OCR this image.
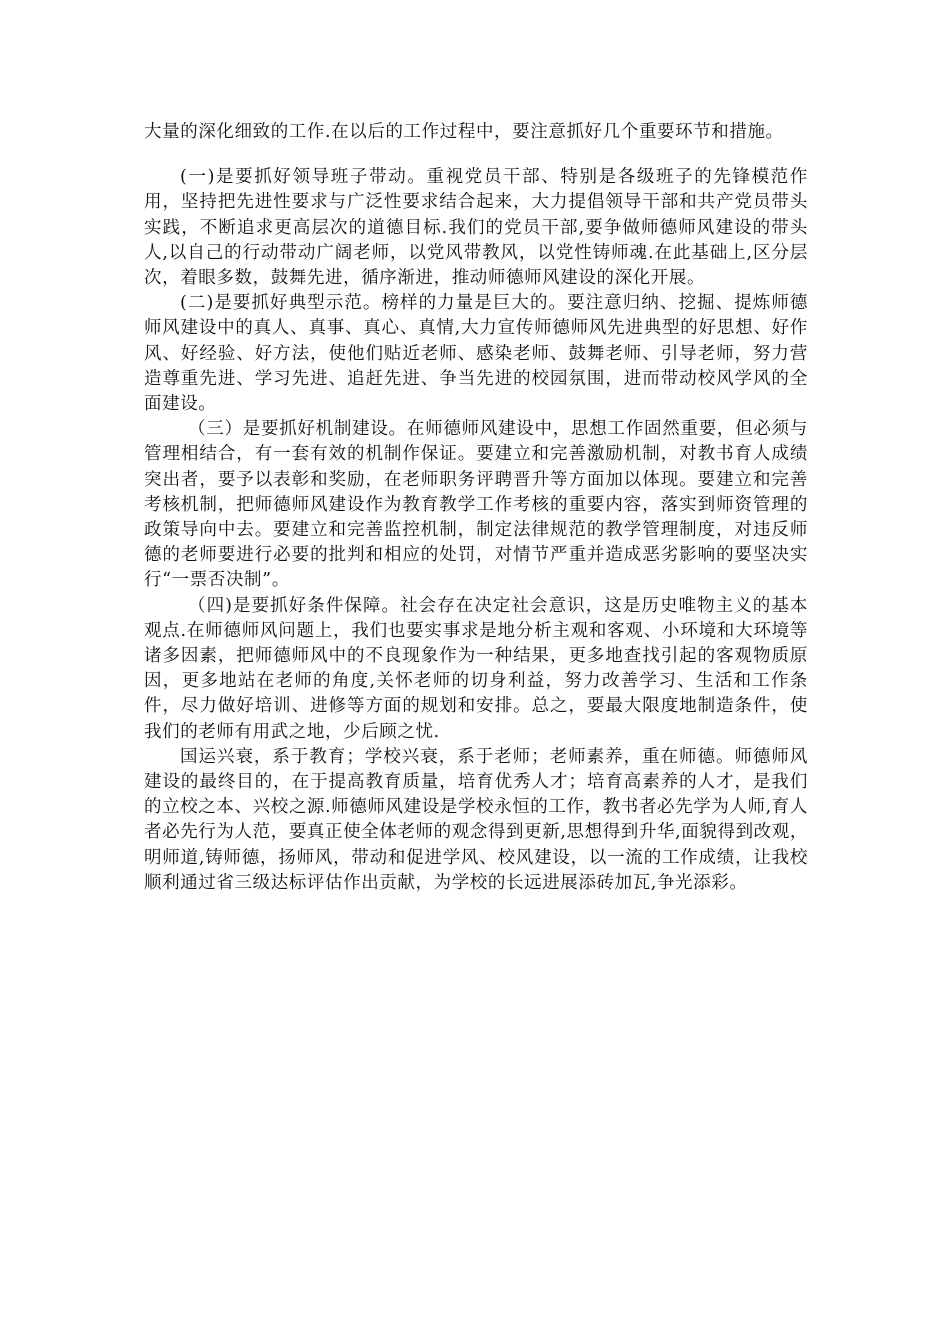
大量的深化细致的工作.在以后的工作过程中，要注意抓好几个重要环节和措施。

(一)是要抓好领导班子带动。重视党员干部、特别是各级班子的先锋模范作用，坚持把先进性要求与广泛性要求结合起来，大力提倡领导干部和共产党员带头实践，不断追求更高层次的道德目标.我们的党员干部,要争做师德师风建设的带头人,以自己的行动带动广阔老师，以党风带教风，以党性铸师魂.在此基础上,区分层次，着眼多数，鼓舞先进，循序渐进，推动师德师风建设的深化开展。

(二)是要抓好典型示范。榜样的力量是巨大的。要注意归纳、挖掘、提炼师德师风建设中的真人、真事、真心、真情,大力宣传师德师风先进典型的好思想、好作风、好经验、好方法，使他们贴近老师、感染老师、鼓舞老师、引导老师，努力营造尊重先进、学习先进、追赶先进、争当先进的校园氛围，进而带动校风学风的全面建设。

（三）是要抓好机制建设。在师德师风建设中，思想工作固然重要，但必须与管理相结合，有一套有效的机制作保证。要建立和完善激励机制，对教书育人成绩突出者，要予以表彰和奖励，在老师职务评聘晋升等方面加以体现。要建立和完善考核机制，把师德师风建设作为教育教学工作考核的重要内容，落实到师资管理的政策导向中去。要建立和完善监控机制，制定法律规范的教学管理制度，对违反师德的老师要进行必要的批判和相应的处罚，对情节严重并造成恶劣影响的要坚决实行“一票否决制”。

（四)是要抓好条件保障。社会存在决定社会意识，这是历史唯物主义的基本观点.在师德师风问题上，我们也要实事求是地分析主观和客观、小环境和大环境等诸多因素，把师德师风中的不良现象作为一种结果，更多地查找引起的客观物质原因，更多地站在老师的角度,关怀老师的切身利益，努力改善学习、生活和工作条件，尽力做好培训、进修等方面的规划和安排。总之，要最大限度地制造条件，使我们的老师有用武之地，少后顾之忧.

国运兴衰，系于教育；学校兴衰，系于老师；老师素养，重在师德。师德师风建设的最终目的，在于提高教育质量，培育优秀人才；培育高素养的人才，是我们的立校之本、兴校之源.师德师风建设是学校永恒的工作，教书者必先学为人师,育人者必先行为人范，要真正使全体老师的观念得到更新,思想得到升华,面貌得到改观，明师道,铸师德，扬师风，带动和促进学风、校风建设，以一流的工作成绩，让我校顺利通过省三级达标评估作出贡献，为学校的长远进展添砖加瓦,争光添彩。
